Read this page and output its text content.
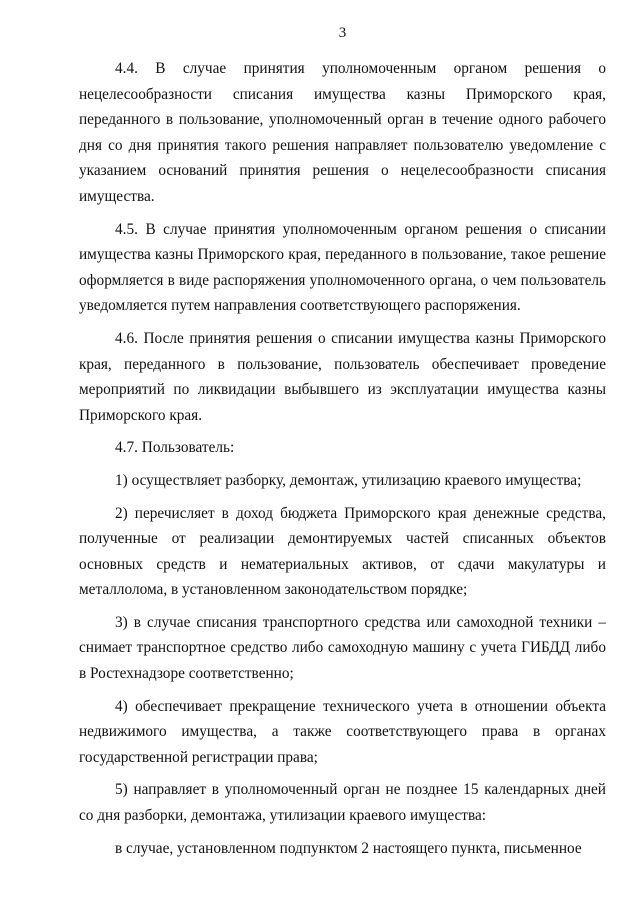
3

4.4. В случае принятия уполномоченным органом решения о нецелесообразности списания имущества казны Приморского края, переданного в пользование, уполномоченный орган в течение одного рабочего дня со дня принятия такого решения направляет пользователю уведомление с указанием оснований принятия решения о нецелесообразности списания имущества.

4.5. В случае принятия уполномоченным органом решения о списании имущества казны Приморского края, переданного в пользование, такое решение оформляется в виде распоряжения уполномоченного органа, о чем пользователь уведомляется путем направления соответствующего распоряжения.

4.6. После принятия решения о списании имущества казны Приморского края, переданного в пользование, пользователь обеспечивает проведение мероприятий по ликвидации выбывшего из эксплуатации имущества казны Приморского края.

4.7. Пользователь:

1) осуществляет разборку, демонтаж, утилизацию краевого имущества;

2) перечисляет в доход бюджета Приморского края денежные средства, полученные от реализации демонтируемых частей списанных объектов основных средств и нематериальных активов, от сдачи макулатуры и металлолома, в установленном законодательством порядке;

3) в случае списания транспортного средства или самоходной техники – снимает транспортное средство либо самоходную машину с учета ГИБДД либо в Ростехнадзоре соответственно;

4) обеспечивает прекращение технического учета в отношении объекта недвижимого имущества, а также соответствующего права в органах государственной регистрации права;

5) направляет в уполномоченный орган не позднее 15 календарных дней со дня разборки, демонтажа, утилизации краевого имущества:

в случае, установленном подпунктом 2 настоящего пункта, письменное
